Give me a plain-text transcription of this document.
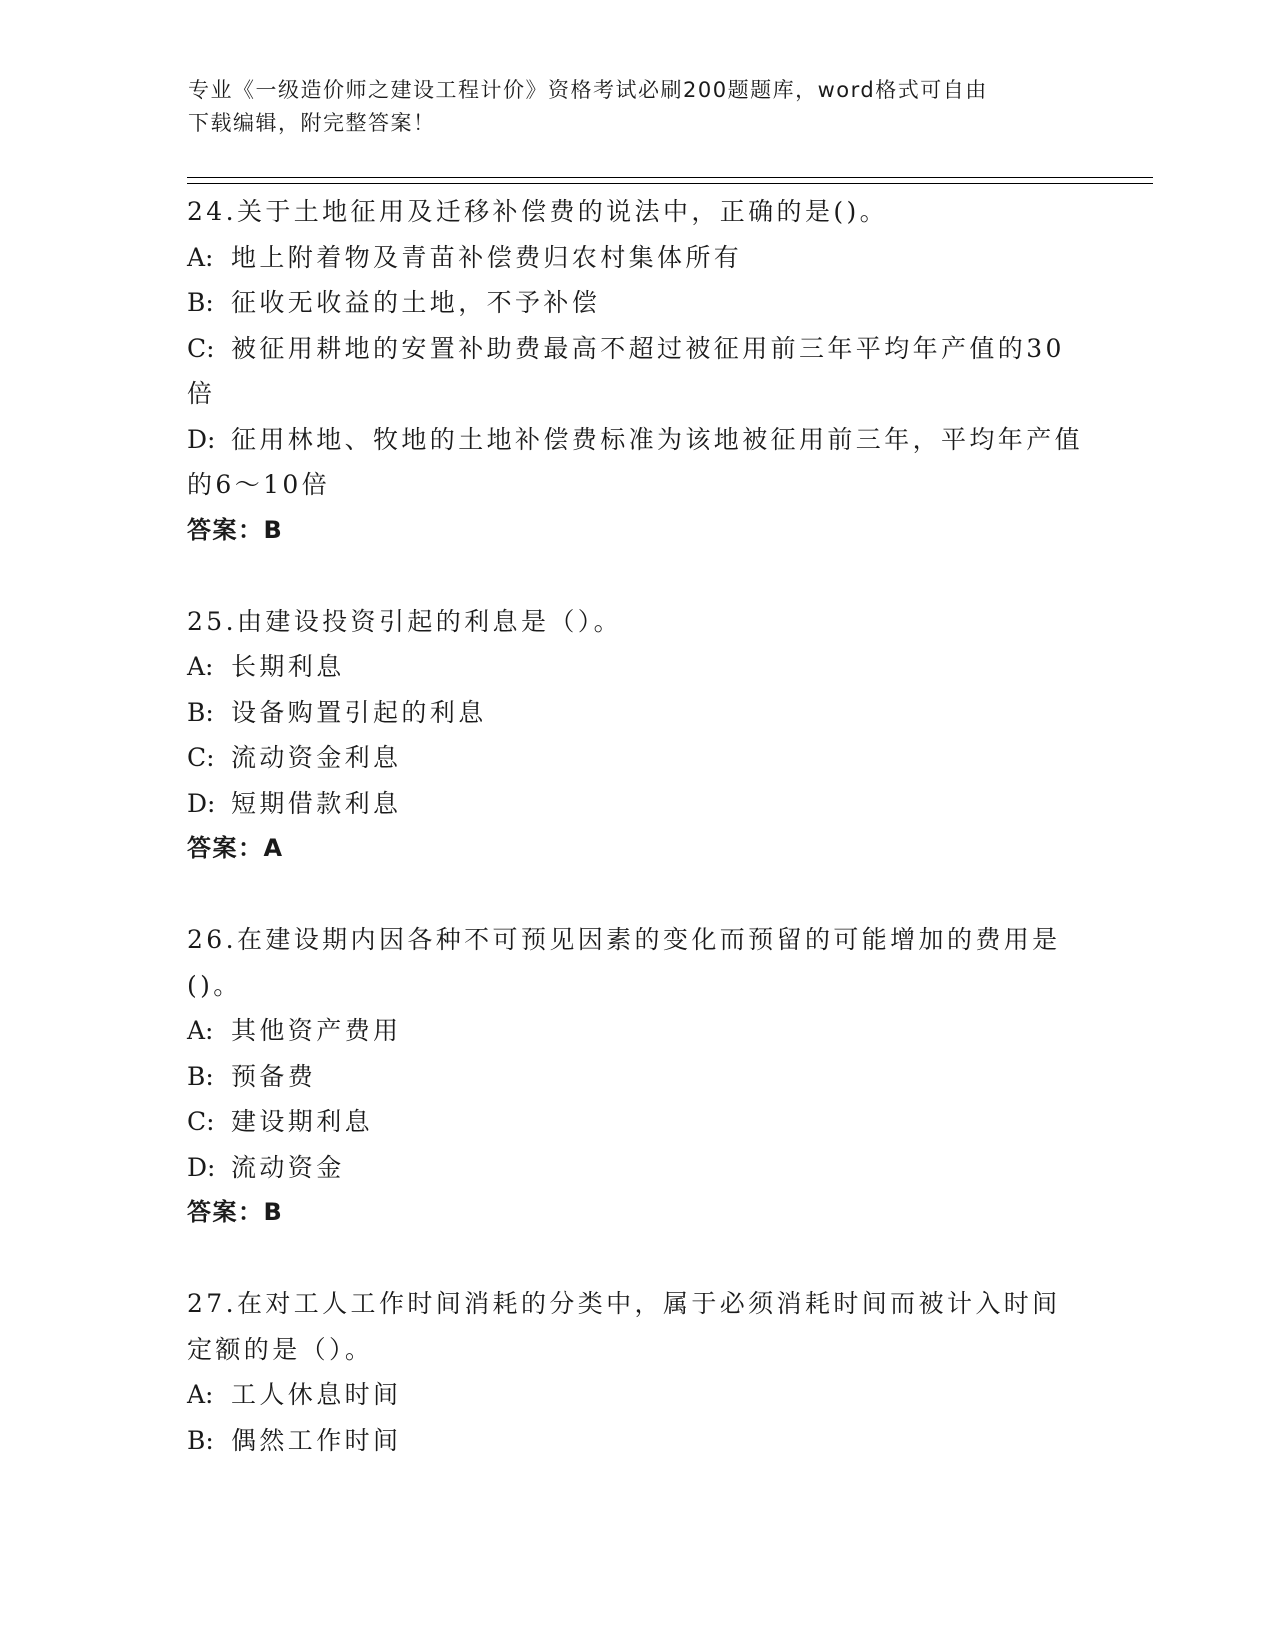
专业《一级造价师之建设工程计价》资格考试必刷200题题库，word格式可自由
下载编辑，附完整答案！

24.关于土地征用及迁移补偿费的说法中，正确的是()。

A: 地上附着物及青苗补偿费归农村集体所有

B: 征收无收益的土地，不予补偿

C: 被征用耕地的安置补助费最高不超过被征用前三年平均年产值的30倍

D: 征用林地、牧地的土地补偿费标准为该地被征用前三年，平均年产值的6～10倍

答案：B

25.由建设投资引起的利息是（）。

A: 长期利息

B: 设备购置引起的利息

C: 流动资金利息

D: 短期借款利息

答案：A

26.在建设期内因各种不可预见因素的变化而预留的可能增加的费用是()。

A: 其他资产费用

B: 预备费

C: 建设期利息

D: 流动资金

答案：B

27.在对工人工作时间消耗的分类中，属于必须消耗时间而被计入时间定额的是（）。

A: 工人休息时间

B: 偶然工作时间
